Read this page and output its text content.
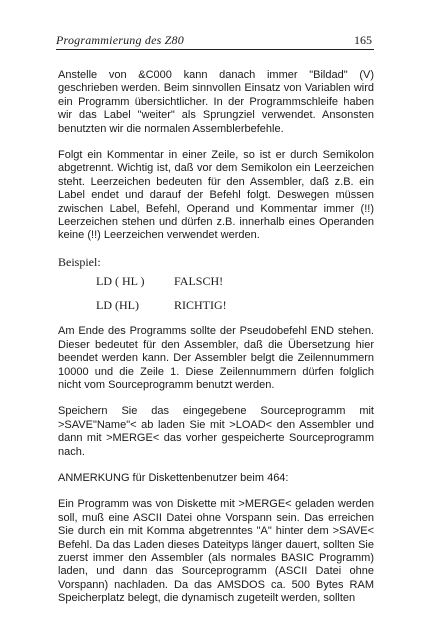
Programmierung des Z80	165

Anstelle von &C000 kann danach immer "Bildad" (V) geschrieben werden. Beim sinnvollen Einsatz von Variablen wird ein Programm übersichtlicher. In der Programmschleife haben wir das Label "weiter" als Sprungziel verwendet. Ansonsten benutzten wir die normalen Assemblerbefehle.

Folgt ein Kommentar in einer Zeile, so ist er durch Semikolon abgetrennt. Wichtig ist, daß vor dem Semikolon ein Leerzeichen steht. Leerzeichen bedeuten für den Assembler, daß z.B. ein Label endet und darauf der Befehl folgt. Deswegen müssen zwischen Label, Befehl, Operand und Kommentar immer (!!) Leerzeichen stehen und dürfen z.B. innerhalb eines Operanden keine (!!) Leerzeichen verwendet werden.

Beispiel:

LD ( HL ) FALSCH!
LD (HL)	RICHTIG!

Am Ende des Programms sollte der Pseudobefehl END stehen. Dieser bedeutet für den Assembler, daß die Übersetzung hier beendet werden kann. Der Assembler belgt die Zeilennummern 10000 und die Zeile 1. Diese Zeilennummern dürfen folglich nicht vom Sourceprogramm benutzt werden.

Speichern Sie das eingegebene Sourceprogramm mit >SAVE"Name"< ab laden Sie mit >LOAD< den Assembler und dann mit >MERGE< das vorher gespeicherte Sourceprogramm nach.

ANMERKUNG für Diskettenbenutzer beim 464:

Ein Programm was von Diskette mit >MERGE< geladen werden soll, muß eine ASCII Datei ohne Vorspann sein. Das erreichen Sie durch ein mit Komma abgetrenntes "A" hinter dem >SAVE< Befehl. Da das Laden dieses Dateityps länger dauert, sollten Sie zuerst immer den Assembler (als normales BASIC Programm) laden, und dann das Sourceprogramm (ASCII Datei ohne Vorspann) nachladen. Da das AMSDOS ca. 500 Bytes RAM Speicherplatz belegt, die dynamisch zugeteilt werden, sollten
